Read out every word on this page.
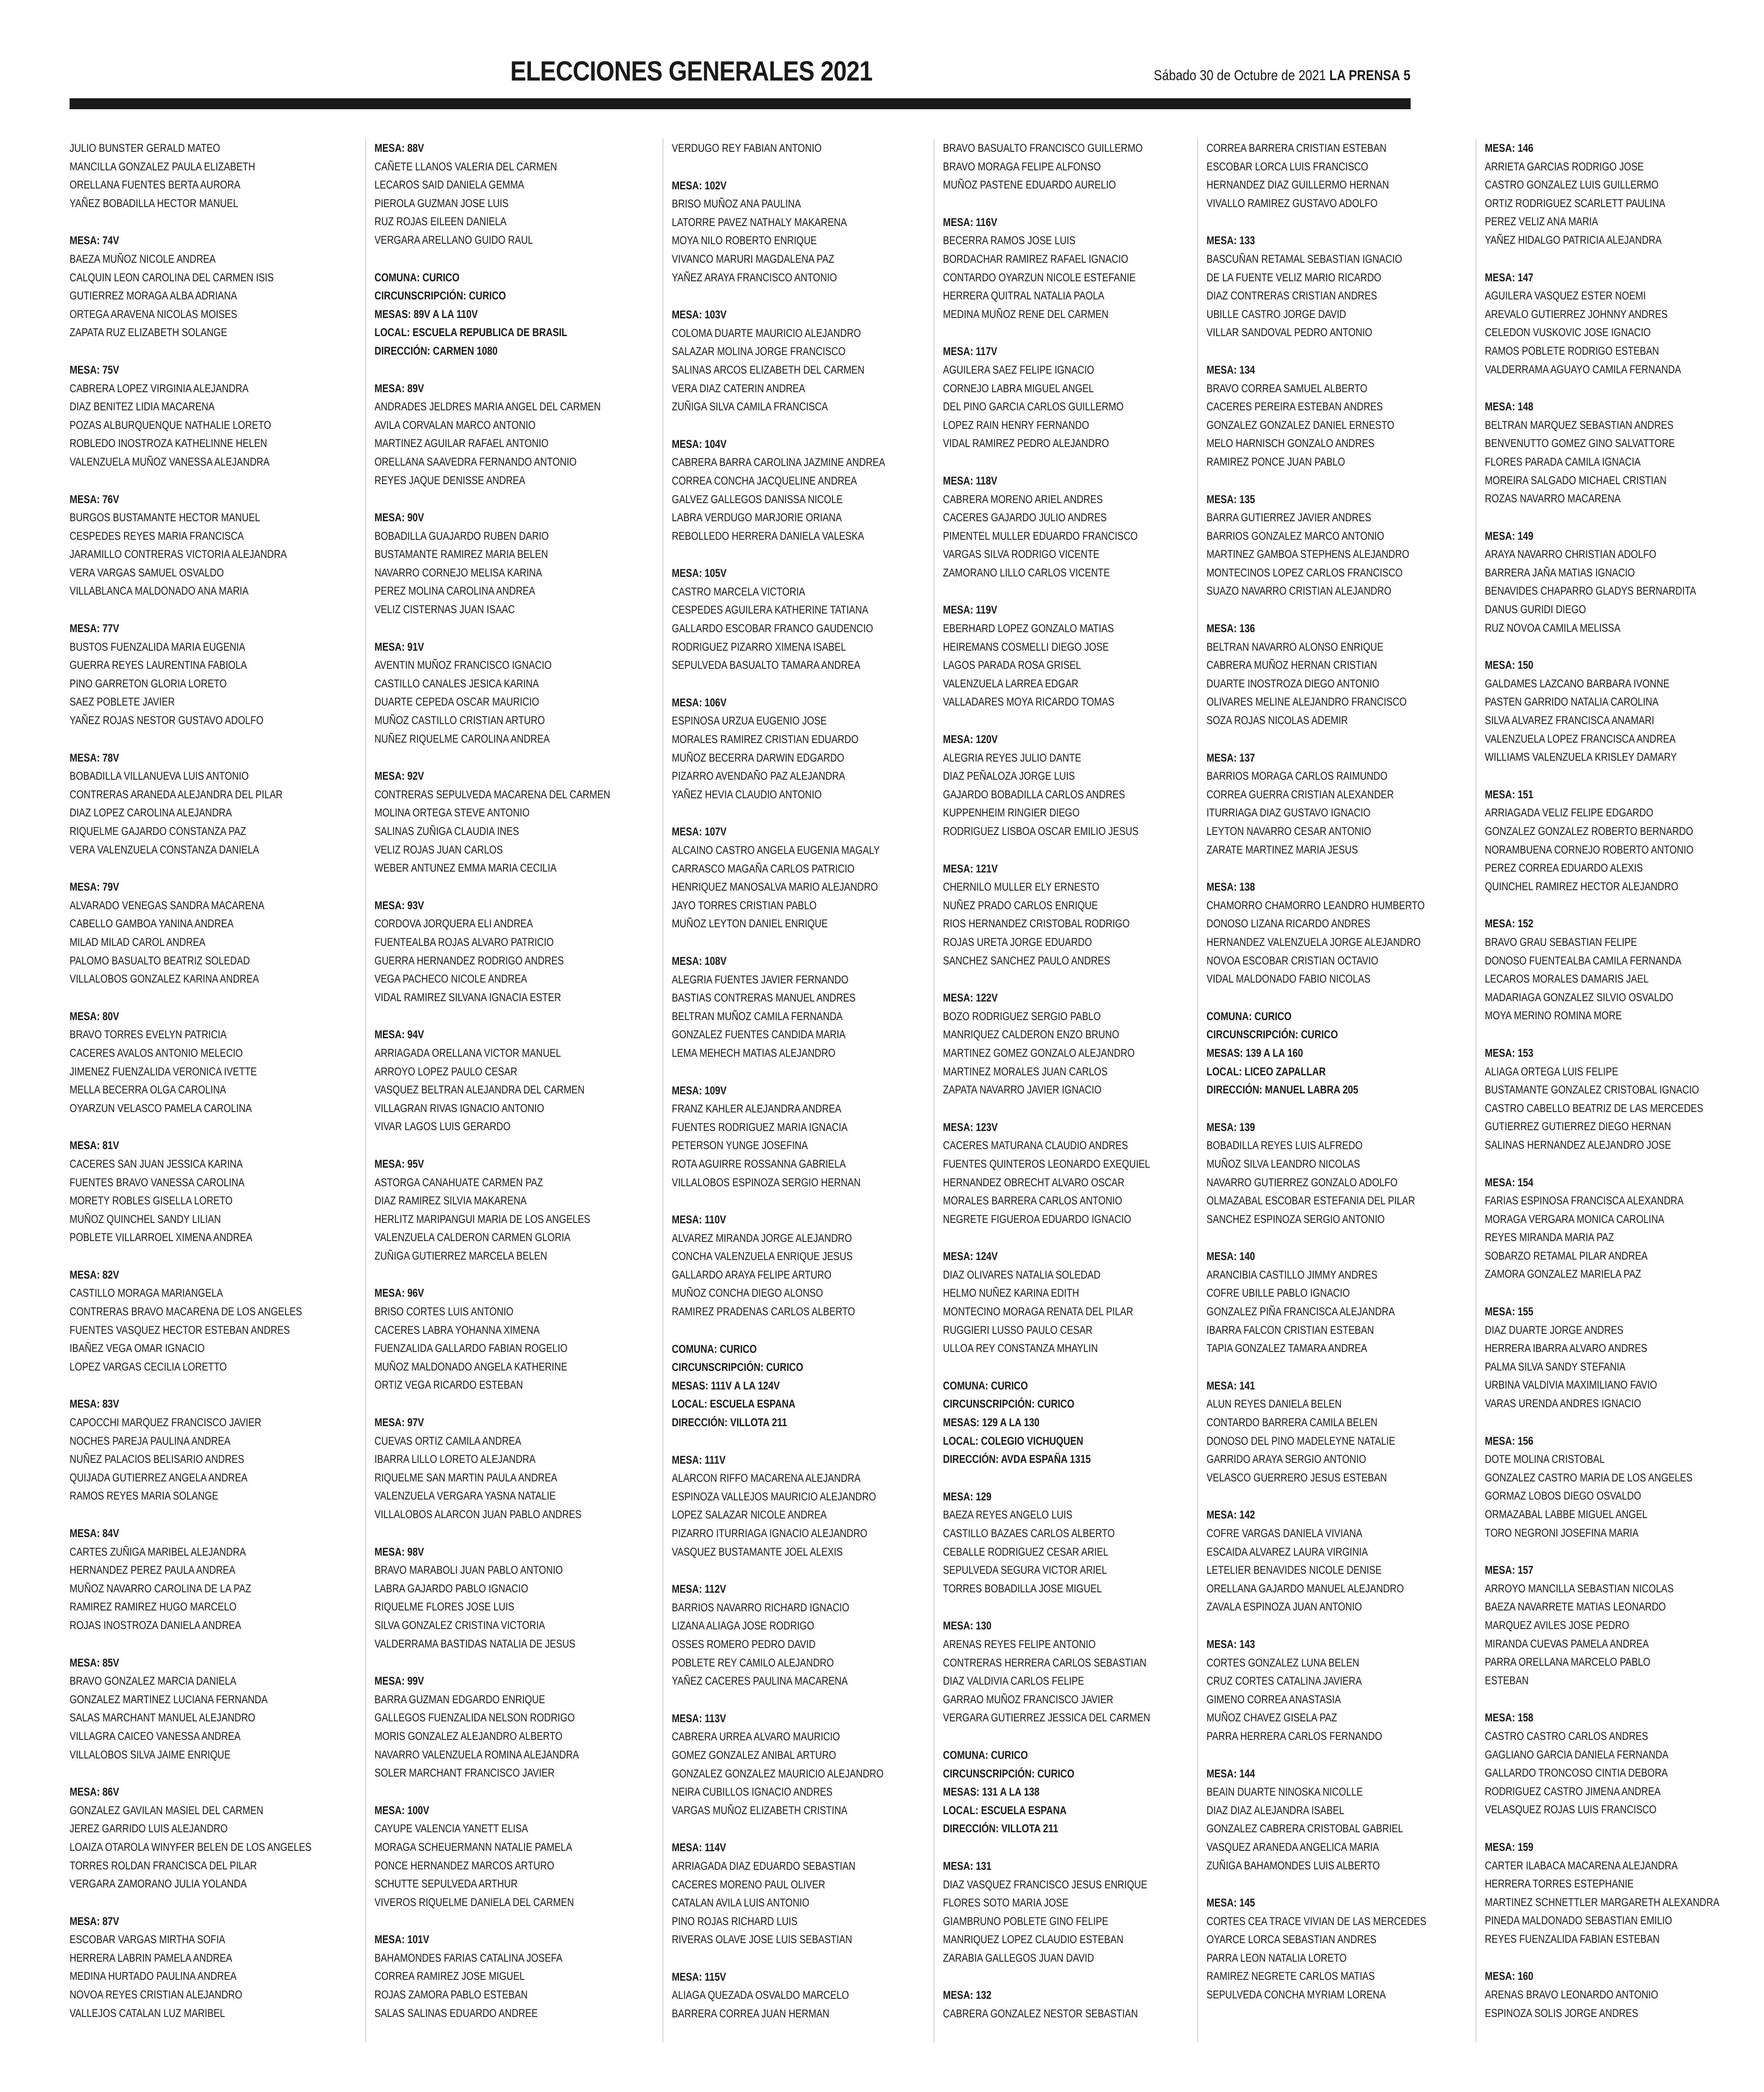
ELECCIONES GENERALES 2021	Sábado 30 de Octubre de 2021 LA PRENSA 5
JULIO BUNSTER GERALD MATEO
MANCILLA GONZALEZ PAULA ELIZABETH
ORELLANA FUENTES BERTA AURORA
YAÑEZ BOBADILLA HECTOR MANUEL
MESA: 74V
BAEZA MUÑOZ NICOLE ANDREA
CALQUIN LEON CAROLINA DEL CARMEN ISIS
GUTIERREZ MORAGA ALBA ADRIANA
ORTEGA ARAVENA NICOLAS MOISES
ZAPATA RUZ ELIZABETH SOLANGE
MESA: 75V
CABRERA LOPEZ VIRGINIA ALEJANDRA
DIAZ BENITEZ LIDIA MACARENA
POZAS ALBURQUENQUE NATHALIE LORETO
ROBLEDO INOSTROZA KATHELINNE HELEN
VALENZUELA MUÑOZ VANESSA ALEJANDRA
MESA: 76V
BURGOS BUSTAMANTE HECTOR MANUEL
CESPEDES REYES MARIA FRANCISCA
JARAMILLO CONTRERAS VICTORIA ALEJANDRA
VERA VARGAS SAMUEL OSVALDO
VILLABLANCA MALDONADO ANA MARIA
MESA: 77V
BUSTOS FUENZALIDA MARIA EUGENIA
GUERRA REYES LAURENTINA FABIOLA
PINO GARRETON GLORIA LORETO
SAEZ POBLETE JAVIER
YAÑEZ ROJAS NESTOR GUSTAVO ADOLFO
MESA: 78V
BOBADILLA VILLANUEVA LUIS ANTONIO
CONTRERAS ARANEDA ALEJANDRA DEL PILAR
DIAZ LOPEZ CAROLINA ALEJANDRA
RIQUELME GAJARDO CONSTANZA PAZ
VERA VALENZUELA CONSTANZA DANIELA
MESA: 79V
ALVARADO VENEGAS SANDRA MACARENA
CABELLO GAMBOA YANINA ANDREA
MILAD MILAD CAROL ANDREA
PALOMO BASUALTO BEATRIZ SOLEDAD
VILLALOBOS GONZALEZ KARINA ANDREA
MESA: 80V
BRAVO TORRES EVELYN PATRICIA
CACERES AVALOS ANTONIO MELECIO
JIMENEZ FUENZALIDA VERONICA IVETTE
MELLA BECERRA OLGA CAROLINA
OYARZUN VELASCO PAMELA CAROLINA
MESA: 81V
CACERES SAN JUAN JESSICA KARINA
FUENTES BRAVO VANESSA CAROLINA
MORETY ROBLES GISELLA LORETO
MUÑOZ QUINCHEL SANDY LILIAN
POBLETE VILLARROEL XIMENA ANDREA
MESA: 82V
CASTILLO MORAGA MARIANGELA
CONTRERAS BRAVO MACARENA DE LOS ANGELES
FUENTES VASQUEZ HECTOR ESTEBAN ANDRES
IBAÑEZ VEGA OMAR IGNACIO
LOPEZ VARGAS CECILIA LORETTO
MESA: 83V
CAPOCCHI MARQUEZ FRANCISCO JAVIER
NOCHES PAREJA PAULINA ANDREA
NUÑEZ PALACIOS BELISARIO ANDRES
QUIJADA GUTIERREZ ANGELA ANDREA
RAMOS REYES MARIA SOLANGE
MESA: 84V
CARTES ZUÑIGA MARIBEL ALEJANDRA
HERNANDEZ PEREZ PAULA ANDREA
MUÑOZ NAVARRO CAROLINA DE LA PAZ
RAMIREZ RAMIREZ HUGO MARCELO
ROJAS INOSTROZA DANIELA ANDREA
MESA: 85V
BRAVO GONZALEZ MARCIA DANIELA
GONZALEZ MARTINEZ LUCIANA FERNANDA
SALAS MARCHANT MANUEL ALEJANDRO
VILLAGRA CAICEO VANESSA ANDREA
VILLALOBOS SILVA JAIME ENRIQUE
MESA: 86V
GONZALEZ GAVILAN MASIEL DEL CARMEN
JEREZ GARRIDO LUIS ALEJANDRO
LOAIZA OTAROLA WINYFER BELEN DE LOS ANGELES
TORRES ROLDAN FRANCISCA DEL PILAR
VERGARA ZAMORANO JULIA YOLANDA
MESA: 87V
ESCOBAR VARGAS MIRTHA SOFIA
HERRERA LABRIN PAMELA ANDREA
MEDINA HURTADO PAULINA ANDREA
NOVOA REYES CRISTIAN ALEJANDRO
VALLEJOS CATALAN LUZ MARIBEL
MESA: 88V
CAÑETE LLANOS VALERIA DEL CARMEN
LECAROS SAID DANIELA GEMMA
PIEROLA GUZMAN JOSE LUIS
RUZ ROJAS EILEEN DANIELA
VERGARA ARELLANO GUIDO RAUL
COMUNA: CURICO
CIRCUNSCRIPCIÓN: CURICO
MESAS: 89V A LA 110V
LOCAL: ESCUELA REPUBLICA DE BRASIL
DIRECCIÓN: CARMEN 1080
MESA: 89V
ANDRADES JELDRES MARIA ANGEL DEL CARMEN
AVILA CORVALAN MARCO ANTONIO
MARTINEZ AGUILAR RAFAEL ANTONIO
ORELLANA SAAVEDRA FERNANDO ANTONIO
REYES JAQUE DENISSE ANDREA
MESA: 90V
BOBADILLA GUAJARDO RUBEN DARIO
BUSTAMANTE RAMIREZ MARIA BELEN
NAVARRO CORNEJO MELISA KARINA
PEREZ MOLINA CAROLINA ANDREA
VELIZ CISTERNAS JUAN ISAAC
MESA: 91V
AVENTIN MUÑOZ FRANCISCO IGNACIO
CASTILLO CANALES JESICA KARINA
DUARTE CEPEDA OSCAR MAURICIO
MUÑOZ CASTILLO CRISTIAN ARTURO
NUÑEZ RIQUELME CAROLINA ANDREA
MESA: 92V
CONTRERAS SEPULVEDA MACARENA DEL CARMEN
MOLINA ORTEGA STEVE ANTONIO
SALINAS ZUÑIGA CLAUDIA INES
VELIZ ROJAS JUAN CARLOS
WEBER ANTUNEZ EMMA MARIA CECILIA
MESA: 93V
CORDOVA JORQUERA ELI ANDREA
FUENTEALBA ROJAS ALVARO PATRICIO
GUERRA HERNANDEZ RODRIGO ANDRES
VEGA PACHECO NICOLE ANDREA
VIDAL RAMIREZ SILVANA IGNACIA ESTER
MESA: 94V
ARRIAGADA ORELLANA VICTOR MANUEL
ARROYO LOPEZ PAULO CESAR
VASQUEZ BELTRAN ALEJANDRA DEL CARMEN
VILLAGRAN RIVAS IGNACIO ANTONIO
VIVAR LAGOS LUIS GERARDO
MESA: 95V
ASTORGA CANAHUATE CARMEN PAZ
DIAZ RAMIREZ SILVIA MAKARENA
HERLITZ MARIPANGUI MARIA DE LOS ANGELES
VALENZUELA CALDERON CARMEN GLORIA
ZUÑIGA GUTIERREZ MARCELA BELEN
MESA: 96V
BRISO CORTES LUIS ANTONIO
CACERES LABRA YOHANNA XIMENA
FUENZALIDA GALLARDO FABIAN ROGELIO
MUÑOZ MALDONADO ANGELA KATHERINE
ORTIZ VEGA RICARDO ESTEBAN
MESA: 97V
CUEVAS ORTIZ CAMILA ANDREA
IBARRA LILLO LORETO ALEJANDRA
RIQUELME SAN MARTIN PAULA ANDREA
VALENZUELA VERGARA YASNA NATALIE
VILLALOBOS ALARCON JUAN PABLO ANDRES
MESA: 98V
BRAVO MARABOLI JUAN PABLO ANTONIO
LABRA GAJARDO PABLO IGNACIO
RIQUELME FLORES JOSE LUIS
SILVA GONZALEZ CRISTINA VICTORIA
VALDERRAMA BASTIDAS NATALIA DE JESUS
MESA: 99V
BARRA GUZMAN EDGARDO ENRIQUE
GALLEGOS FUENZALIDA NELSON RODRIGO
MORIS GONZALEZ ALEJANDRO ALBERTO
NAVARRO VALENZUELA ROMINA ALEJANDRA
SOLER MARCHANT FRANCISCO JAVIER
MESA: 100V
CAYUPE VALENCIA YANETT ELISA
MORAGA SCHEUERMANN NATALIE PAMELA
PONCE HERNANDEZ MARCOS ARTURO
SCHUTTE SEPULVEDA ARTHUR
VIVEROS RIQUELME DANIELA DEL CARMEN
MESA: 101V
BAHAMONDES FARIAS CATALINA JOSEFA
CORREA RAMIREZ JOSE MIGUEL
ROJAS ZAMORA PABLO ESTEBAN
SALAS SALINAS EDUARDO ANDREE
VERDUGO REY FABIAN ANTONIO
MESA: 102V
BRISO MUÑOZ ANA PAULINA
LATORRE PAVEZ NATHALY MAKARENA
MOYA NILO ROBERTO ENRIQUE
VIVANCO MARURI MAGDALENA PAZ
YAÑEZ ARAYA FRANCISCO ANTONIO
MESA: 103V
COLOMA DUARTE MAURICIO ALEJANDRO
SALAZAR MOLINA JORGE FRANCISCO
SALINAS ARCOS ELIZABETH DEL CARMEN
VERA DIAZ CATERIN ANDREA
ZUÑIGA SILVA CAMILA FRANCISCA
MESA: 104V
CABRERA BARRA CAROLINA JAZMINE ANDREA
CORREA CONCHA JACQUELINE ANDREA
GALVEZ GALLEGOS DANISSA NICOLE
LABRA VERDUGO MARJORIE ORIANA
REBOLLEDO HERRERA DANIELA VALESKA
MESA: 105V
CASTRO MARCELA VICTORIA
CESPEDES AGUILERA KATHERINE TATIANA
GALLARDO ESCOBAR FRANCO GAUDENCIO
RODRIGUEZ PIZARRO XIMENA ISABEL
SEPULVEDA BASUALTO TAMARA ANDREA
MESA: 106V
ESPINOSA URZUA EUGENIO JOSE
MORALES RAMIREZ CRISTIAN EDUARDO
MUÑOZ BECERRA DARWIN EDGARDO
PIZARRO AVENDAÑO PAZ ALEJANDRA
YAÑEZ HEVIA CLAUDIO ANTONIO
MESA: 107V
ALCAINO CASTRO ANGELA EUGENIA MAGALY
CARRASCO MAGAÑA CARLOS PATRICIO
HENRIQUEZ MANOSALVA MARIO ALEJANDRO
JAYO TORRES CRISTIAN PABLO
MUÑOZ LEYTON DANIEL ENRIQUE
MESA: 108V
ALEGRIA FUENTES JAVIER FERNANDO
BASTIAS CONTRERAS MANUEL ANDRES
BELTRAN MUÑOZ CAMILA FERNANDA
GONZALEZ FUENTES CANDIDA MARIA
LEMA MEHECH MATIAS ALEJANDRO
MESA: 109V
FRANZ KAHLER ALEJANDRA ANDREA
FUENTES RODRIGUEZ MARIA IGNACIA
PETERSON YUNGE JOSEFINA
ROTA AGUIRRE ROSSANNA GABRIELA
VILLALOBOS ESPINOZA SERGIO HERNAN
MESA: 110V
ALVAREZ MIRANDA JORGE ALEJANDRO
CONCHA VALENZUELA ENRIQUE JESUS
GALLARDO ARAYA FELIPE ARTURO
MUÑOZ CONCHA DIEGO ALONSO
RAMIREZ PRADENAS CARLOS ALBERTO
COMUNA: CURICO
CIRCUNSCRIPCIÓN: CURICO
MESAS: 111V A LA 124V
LOCAL: ESCUELA ESPANA
DIRECCIÓN: VILLOTA 211
MESA: 111V
ALARCON RIFFO MACARENA ALEJANDRA
ESPINOZA VALLEJOS MAURICIO ALEJANDRO
LOPEZ SALAZAR NICOLE ANDREA
PIZARRO ITURRIAGA IGNACIO ALEJANDRO
VASQUEZ BUSTAMANTE JOEL ALEXIS
MESA: 112V
BARRIOS NAVARRO RICHARD IGNACIO
LIZANA ALIAGA JOSE RODRIGO
OSSES ROMERO PEDRO DAVID
POBLETE REY CAMILO ALEJANDRO
YAÑEZ CACERES PAULINA MACARENA
MESA: 113V
CABRERA URREA ALVARO MAURICIO
GOMEZ GONZALEZ ANIBAL ARTURO
GONZALEZ GONZALEZ MAURICIO ALEJANDRO
NEIRA CUBILLOS IGNACIO ANDRES
VARGAS MUÑOZ ELIZABETH CRISTINA
MESA: 114V
ARRIAGADA DIAZ EDUARDO SEBASTIAN
CACERES MORENO PAUL OLIVER
CATALAN AVILA LUIS ANTONIO
PINO ROJAS RICHARD LUIS
RIVERAS OLAVE JOSE LUIS SEBASTIAN
MESA: 115V
ALIAGA QUEZADA OSVALDO MARCELO
BARRERA CORREA JUAN HERMAN
BRAVO BASUALTO FRANCISCO GUILLERMO
BRAVO MORAGA FELIPE ALFONSO
MUÑOZ PASTENE EDUARDO AURELIO
MESA: 116V
BECERRA RAMOS JOSE LUIS
BORDACHAR RAMIREZ RAFAEL IGNACIO
CONTARDO OYARZUN NICOLE ESTEFANIE
HERRERA QUITRAL NATALIA PAOLA
MEDINA MUÑOZ RENE DEL CARMEN
MESA: 117V
AGUILERA SAEZ FELIPE IGNACIO
CORNEJO LABRA MIGUEL ANGEL
DEL PINO GARCIA CARLOS GUILLERMO
LOPEZ RAIN HENRY FERNANDO
VIDAL RAMIREZ PEDRO ALEJANDRO
MESA: 118V
CABRERA MORENO ARIEL ANDRES
CACERES GAJARDO JULIO ANDRES
PIMENTEL MULLER EDUARDO FRANCISCO
VARGAS SILVA RODRIGO VICENTE
ZAMORANO LILLO CARLOS VICENTE
MESA: 119V
EBERHARD LOPEZ GONZALO MATIAS
HEIREMANS COSMELLI DIEGO JOSE
LAGOS PARADA ROSA GRISEL
VALENZUELA LARREA EDGAR
VALLADARES MOYA RICARDO TOMAS
MESA: 120V
ALEGRIA REYES JULIO DANTE
DIAZ PEÑALOZA JORGE LUIS
GAJARDO BOBADILLA CARLOS ANDRES
KUPPENHEIM RINGIER DIEGO
RODRIGUEZ LISBOA OSCAR EMILIO JESUS
MESA: 121V
CHERNILO MULLER ELY ERNESTO
NUÑEZ PRADO CARLOS ENRIQUE
RIOS HERNANDEZ CRISTOBAL RODRIGO
ROJAS URETA JORGE EDUARDO
SANCHEZ SANCHEZ PAULO ANDRES
MESA: 122V
BOZO RODRIGUEZ SERGIO PABLO
MANRIQUEZ CALDERON ENZO BRUNO
MARTINEZ GOMEZ GONZALO ALEJANDRO
MARTINEZ MORALES JUAN CARLOS
ZAPATA NAVARRO JAVIER IGNACIO
MESA: 123V
CACERES MATURANA CLAUDIO ANDRES
FUENTES QUINTEROS LEONARDO EXEQUIEL
HERNANDEZ OBRECHT ALVARO OSCAR
MORALES BARRERA CARLOS ANTONIO
NEGRETE FIGUEROA EDUARDO IGNACIO
MESA: 124V
DIAZ OLIVARES NATALIA SOLEDAD
HELMO NUÑEZ KARINA EDITH
MONTECINO MORAGA RENATA DEL PILAR
RUGGIERI LUSSO PAULO CESAR
ULLOA REY CONSTANZA MHAYLIN
COMUNA: CURICO
CIRCUNSCRIPCIÓN: CURICO
MESAS: 129 A LA 130
LOCAL: COLEGIO VICHUQUEN
DIRECCIÓN: AVDA ESPAÑA 1315
MESA: 129
BAEZA REYES ANGELO LUIS
CASTILLO BAZAES CARLOS ALBERTO
CEBALLE RODRIGUEZ CESAR ARIEL
SEPULVEDA SEGURA VICTOR ARIEL
TORRES BOBADILLA JOSE MIGUEL
MESA: 130
ARENAS REYES FELIPE ANTONIO
CONTRERAS HERRERA CARLOS SEBASTIAN
DIAZ VALDIVIA CARLOS FELIPE
GARRAO MUÑOZ FRANCISCO JAVIER
VERGARA GUTIERREZ JESSICA DEL CARMEN
COMUNA: CURICO
CIRCUNSCRIPCIÓN: CURICO
MESAS: 131 A LA 138
LOCAL: ESCUELA ESPANA
DIRECCIÓN: VILLOTA 211
MESA: 131
DIAZ VASQUEZ FRANCISCO JESUS ENRIQUE
FLORES SOTO MARIA JOSE
GIAMBRUNO POBLETE GINO FELIPE
MANRIQUEZ LOPEZ CLAUDIO ESTEBAN
ZARABIA GALLEGOS JUAN DAVID
MESA: 132
CABRERA GONZALEZ NESTOR SEBASTIAN
CORREA BARRERA CRISTIAN ESTEBAN
ESCOBAR LORCA LUIS FRANCISCO
HERNANDEZ DIAZ GUILLERMO HERNAN
VIVALLO RAMIREZ GUSTAVO ADOLFO
MESA: 133
BASCUÑAN RETAMAL SEBASTIAN IGNACIO
DE LA FUENTE VELIZ MARIO RICARDO
DIAZ CONTRERAS CRISTIAN ANDRES
UBILLE CASTRO JORGE DAVID
VILLAR SANDOVAL PEDRO ANTONIO
MESA: 134
BRAVO CORREA SAMUEL ALBERTO
CACERES PEREIRA ESTEBAN ANDRES
GONZALEZ GONZALEZ DANIEL ERNESTO
MELO HARNISCH GONZALO ANDRES
RAMIREZ PONCE JUAN PABLO
MESA: 135
BARRA GUTIERREZ JAVIER ANDRES
BARRIOS GONZALEZ MARCO ANTONIO
MARTINEZ GAMBOA STEPHENS ALEJANDRO
MONTECINOS LOPEZ CARLOS FRANCISCO
SUAZO NAVARRO CRISTIAN ALEJANDRO
MESA: 136
BELTRAN NAVARRO ALONSO ENRIQUE
CABRERA MUÑOZ HERNAN CRISTIAN
DUARTE INOSTROZA DIEGO ANTONIO
OLIVARES MELINE ALEJANDRO FRANCISCO
SOZA ROJAS NICOLAS ADEMIR
MESA: 137
BARRIOS MORAGA CARLOS RAIMUNDO
CORREA GUERRA CRISTIAN ALEXANDER
ITURRIAGA DIAZ GUSTAVO IGNACIO
LEYTON NAVARRO CESAR ANTONIO
ZARATE MARTINEZ MARIA JESUS
MESA: 138
CHAMORRO CHAMORRO LEANDRO HUMBERTO
DONOSO LIZANA RICARDO ANDRES
HERNANDEZ VALENZUELA JORGE ALEJANDRO
NOVOA ESCOBAR CRISTIAN OCTAVIO
VIDAL MALDONADO FABIO NICOLAS
COMUNA: CURICO
CIRCUNSCRIPCIÓN: CURICO
MESAS: 139 A LA 160
LOCAL: LICEO ZAPALLAR
DIRECCIÓN: MANUEL LABRA 205
MESA: 139
BOBADILLA REYES LUIS ALFREDO
MUÑOZ SILVA LEANDRO NICOLAS
NAVARRO GUTIERREZ GONZALO ADOLFO
OLMAZABAL ESCOBAR ESTEFANIA DEL PILAR
SANCHEZ ESPINOZA SERGIO ANTONIO
MESA: 140
ARANCIBIA CASTILLO JIMMY ANDRES
COFRE UBILLE PABLO IGNACIO
GONZALEZ PIÑA FRANCISCA ALEJANDRA
IBARRA FALCON CRISTIAN ESTEBAN
TAPIA GONZALEZ TAMARA ANDREA
MESA: 141
ALUN REYES DANIELA BELEN
CONTARDO BARRERA CAMILA BELEN
DONOSO DEL PINO MADELEYNE NATALIE
GARRIDO ARAYA SERGIO ANTONIO
VELASCO GUERRERO JESUS ESTEBAN
MESA: 142
COFRE VARGAS DANIELA VIVIANA
ESCAIDA ALVAREZ LAURA VIRGINIA
LETELIER BENAVIDES NICOLE DENISE
ORELLANA GAJARDO MANUEL ALEJANDRO
ZAVALA ESPINOZA JUAN ANTONIO
MESA: 143
CORTES GONZALEZ LUNA BELEN
CRUZ CORTES CATALINA JAVIERA
GIMENO CORREA ANASTASIA
MUÑOZ CHAVEZ GISELA PAZ
PARRA HERRERA CARLOS FERNANDO
MESA: 144
BEAIN DUARTE NINOSKA NICOLLE
DIAZ DIAZ ALEJANDRA ISABEL
GONZALEZ CABRERA CRISTOBAL GABRIEL
VASQUEZ ARANEDA ANGELICA MARIA
ZUÑIGA BAHAMONDES LUIS ALBERTO
MESA: 145
CORTES CEA TRACE VIVIAN DE LAS MERCEDES
OYARCE LORCA SEBASTIAN ANDRES
PARRA LEON NATALIA LORETO
RAMIREZ NEGRETE CARLOS MATIAS
SEPULVEDA CONCHA MYRIAM LORENA
MESA: 146
ARRIETA GARCIAS RODRIGO JOSE
CASTRO GONZALEZ LUIS GUILLERMO
ORTIZ RODRIGUEZ SCARLETT PAULINA
PEREZ VELIZ ANA MARIA
YAÑEZ HIDALGO PATRICIA ALEJANDRA
MESA: 147
AGUILERA VASQUEZ ESTER NOEMI
AREVALO GUTIERREZ JOHNNY ANDRES
CELEDON VUSKOVIC JOSE IGNACIO
RAMOS POBLETE RODRIGO ESTEBAN
VALDERRAMA AGUAYO CAMILA FERNANDA
MESA: 148
BELTRAN MARQUEZ SEBASTIAN ANDRES
BENVENUTTO GOMEZ GINO SALVATTORE
FLORES PARADA CAMILA IGNACIA
MOREIRA SALGADO MICHAEL CRISTIAN
ROZAS NAVARRO MACARENA
MESA: 149
ARAYA NAVARRO CHRISTIAN ADOLFO
BARRERA JAÑA MATIAS IGNACIO
BENAVIDES CHAPARRO GLADYS BERNARDITA
DANUS GURIDI DIEGO
RUZ NOVOA CAMILA MELISSA
MESA: 150
GALDAMES LAZCANO BARBARA IVONNE
PASTEN GARRIDO NATALIA CAROLINA
SILVA ALVAREZ FRANCISCA ANAMARI
VALENZUELA LOPEZ FRANCISCA ANDREA
WILLIAMS VALENZUELA KRISLEY DAMARY
MESA: 151
ARRIAGADA VELIZ FELIPE EDGARDO
GONZALEZ GONZALEZ ROBERTO BERNARDO
NORAMBUENA CORNEJO ROBERTO ANTONIO
PEREZ CORREA EDUARDO ALEXIS
QUINCHEL RAMIREZ HECTOR ALEJANDRO
MESA: 152
BRAVO GRAU SEBASTIAN FELIPE
DONOSO FUENTEALBA CAMILA FERNANDA
LECAROS MORALES DAMARIS JAEL
MADARIAGA GONZALEZ SILVIO OSVALDO
MOYA MERINO ROMINA MORE
MESA: 153
ALIAGA ORTEGA LUIS FELIPE
BUSTAMANTE GONZALEZ CRISTOBAL IGNACIO
CASTRO CABELLO BEATRIZ DE LAS MERCEDES
GUTIERREZ GUTIERREZ DIEGO HERNAN
SALINAS HERNANDEZ ALEJANDRO JOSE
MESA: 154
FARIAS ESPINOSA FRANCISCA ALEXANDRA
MORAGA VERGARA MONICA CAROLINA
REYES MIRANDA MARIA PAZ
SOBARZO RETAMAL PILAR ANDREA
ZAMORA GONZALEZ MARIELA PAZ
MESA: 155
DIAZ DUARTE JORGE ANDRES
HERRERA IBARRA ALVARO ANDRES
PALMA SILVA SANDY STEFANIA
URBINA VALDIVIA MAXIMILIANO FAVIO
VARAS URENDA ANDRES IGNACIO
MESA: 156
DOTE MOLINA CRISTOBAL
GONZALEZ CASTRO MARIA DE LOS ANGELES
GORMAZ LOBOS DIEGO OSVALDO
ORMAZABAL LABBE MIGUEL ANGEL
TORO NEGRONI JOSEFINA MARIA
MESA: 157
ARROYO MANCILLA SEBASTIAN NICOLAS
BAEZA NAVARRETE MATIAS LEONARDO
MARQUEZ AVILES JOSE PEDRO
MIRANDA CUEVAS PAMELA ANDREA
PARRA ORELLANA MARCELO PABLO
ESTEBAN
MESA: 158
CASTRO CASTRO CARLOS ANDRES
GAGLIANO GARCIA DANIELA FERNANDA
GALLARDO TRONCOSO CINTIA DEBORA
RODRIGUEZ CASTRO JIMENA ANDREA
VELASQUEZ ROJAS LUIS FRANCISCO
MESA: 159
CARTER ILABACA MACARENA ALEJANDRA
HERRERA TORRES ESTEPHANIE
MARTINEZ SCHNETTLER MARGARETH ALEXANDRA
PINEDA MALDONADO SEBASTIAN EMILIO
REYES FUENZALIDA FABIAN ESTEBAN
MESA: 160
ARENAS BRAVO LEONARDO ANTONIO
ESPINOZA SOLIS JORGE ANDRES
